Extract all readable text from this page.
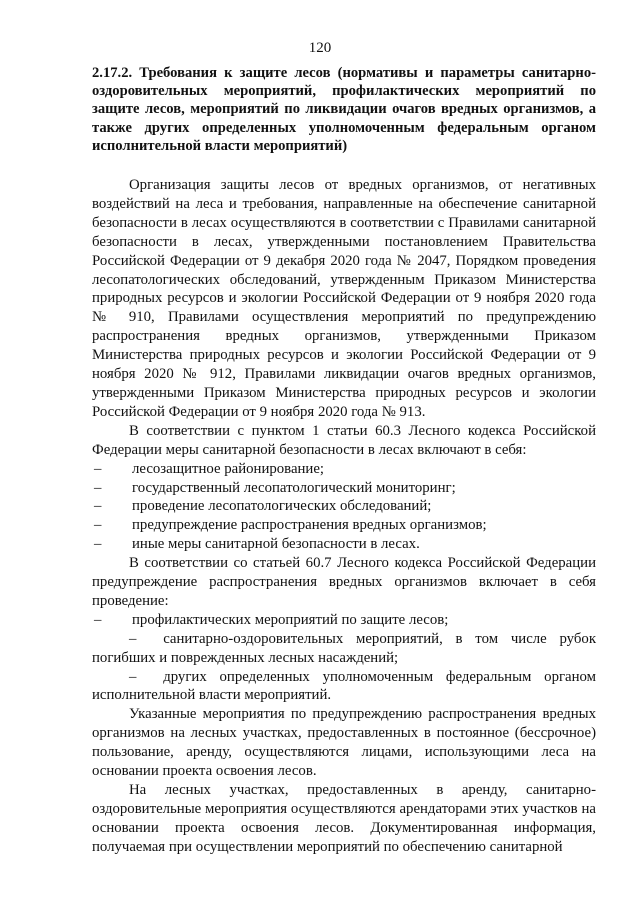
120
2.17.2. Требования к защите лесов (нормативы и параметры санитарно-оздоровительных мероприятий, профилактических мероприятий по защите лесов, мероприятий по ликвидации очагов вредных организмов, а также других определенных уполномоченным федеральным органом исполнительной власти мероприятий)

Организация защиты лесов от вредных организмов, от негативных воздействий на леса и требования, направленные на обеспечение санитарной безопасности в лесах осуществляются в соответствии с Правилами санитарной безопасности в лесах, утвержденными постановлением Правительства Российской Федерации от 9 декабря 2020 года № 2047, Порядком проведения лесопатологических обследований, утвержденным Приказом Министерства природных ресурсов и экологии Российской Федерации от 9 ноября 2020 года № 910, Правилами осуществления мероприятий по предупреждению распространения вредных организмов, утвержденными Приказом Министерства природных ресурсов и экологии Российской Федерации от 9 ноября 2020 № 912, Правилами ликвидации очагов вредных организмов, утвержденными Приказом Министерства природных ресурсов и экологии Российской Федерации от 9 ноября 2020 года № 913.

В соответствии с пунктом 1 статьи 60.3 Лесного кодекса Российской Федерации меры санитарной безопасности в лесах включают в себя:

–	лесозащитное районирование;
–	государственный лесопатологический мониторинг;
–	проведение лесопатологических обследований;
–	предупреждение распространения вредных организмов;
–	иные меры санитарной безопасности в лесах.

В соответствии со статьей 60.7 Лесного кодекса Российской Федерации предупреждение распространения вредных организмов включает в себя проведение:

–	профилактических мероприятий по защите лесов;
– санитарно-оздоровительных мероприятий, в том числе рубок погибших и поврежденных лесных насаждений;
– других определенных уполномоченным федеральным органом исполнительной власти мероприятий.

Указанные мероприятия по предупреждению распространения вредных организмов на лесных участках, предоставленных в постоянное (бессрочное) пользование, аренду, осуществляются лицами, использующими леса на основании проекта освоения лесов.

На лесных участках, предоставленных в аренду, санитарно-оздоровительные мероприятия осуществляются арендаторами этих участков на основании проекта освоения лесов. Документированная информация, получаемая при осуществлении мероприятий по обеспечению санитарной
